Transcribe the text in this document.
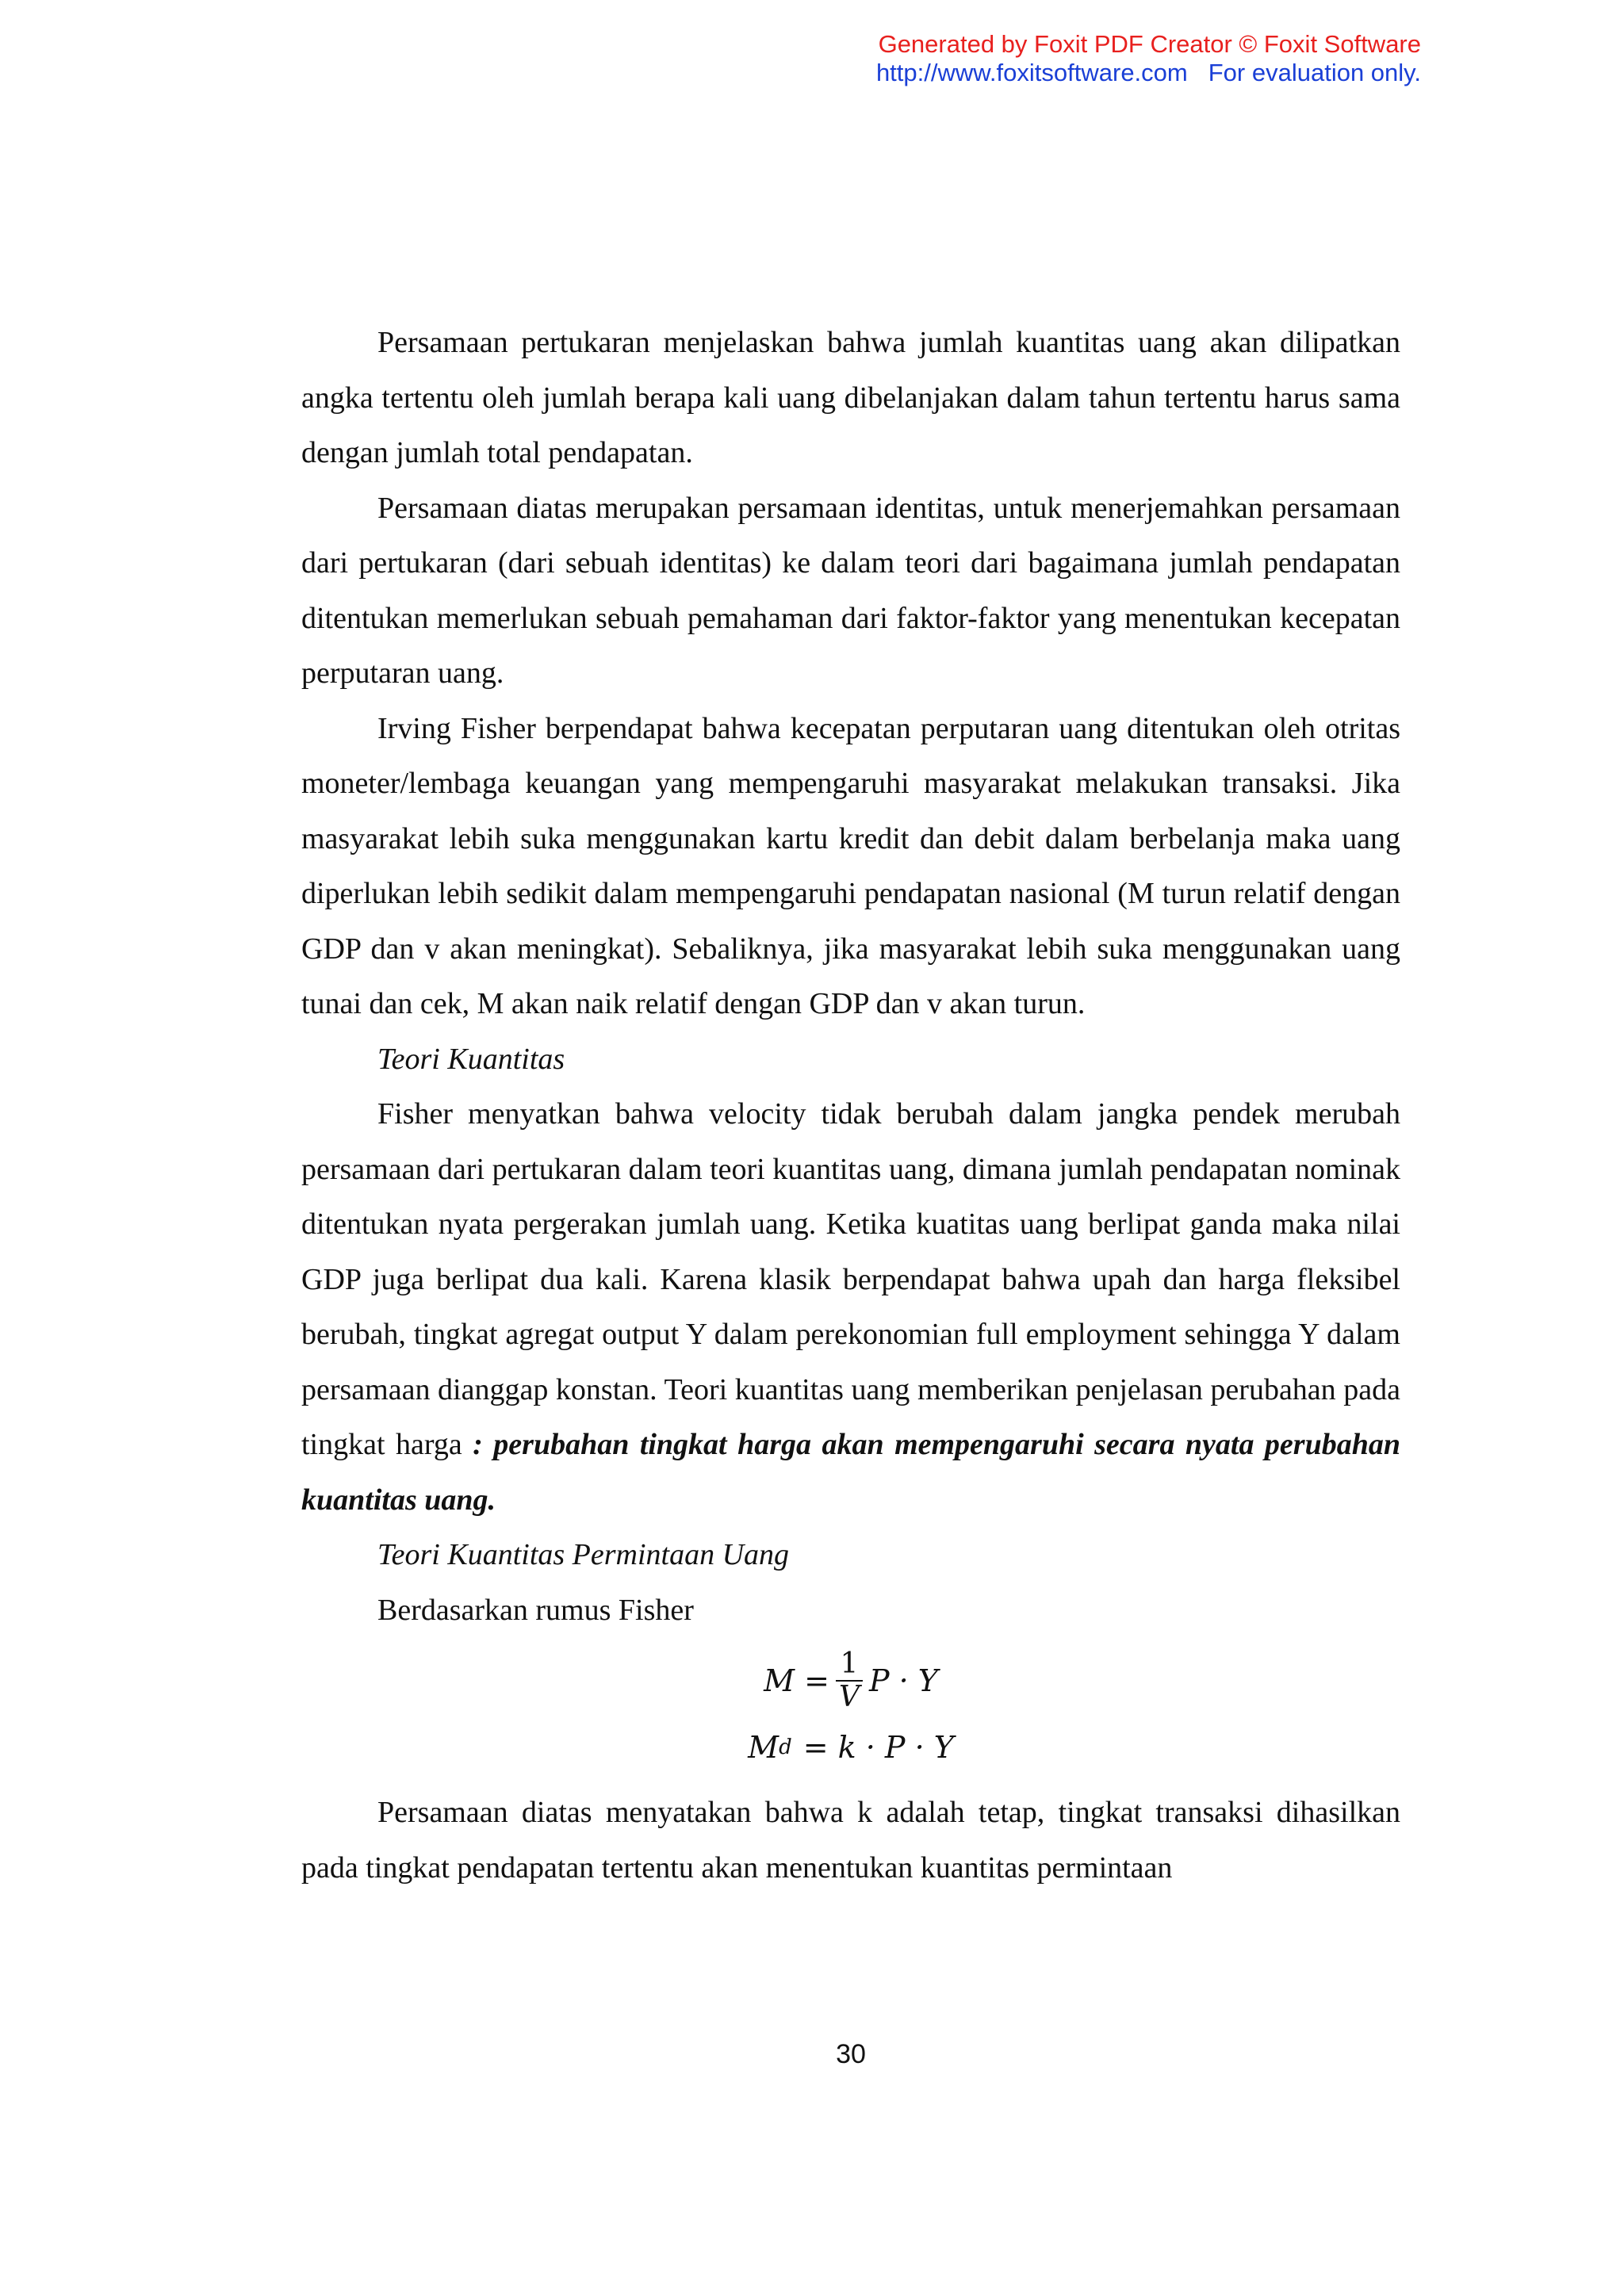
Generated by Foxit PDF Creator © Foxit Software
http://www.foxitsoftware.com For evaluation only.

Persamaan pertukaran menjelaskan bahwa jumlah kuantitas uang akan dilipatkan angka tertentu oleh jumlah berapa kali uang dibelanjakan dalam tahun tertentu harus sama dengan jumlah total pendapatan.

Persamaan diatas merupakan persamaan identitas, untuk menerjemahkan persamaan dari pertukaran (dari sebuah identitas) ke dalam teori dari bagaimana jumlah pendapatan ditentukan memerlukan sebuah pemahaman dari faktor-faktor yang menentukan kecepatan perputaran uang.

Irving Fisher berpendapat bahwa kecepatan perputaran uang ditentukan oleh otritas moneter/lembaga keuangan yang mempengaruhi masyarakat melakukan transaksi. Jika masyarakat lebih suka menggunakan kartu kredit dan debit dalam berbelanja maka uang diperlukan lebih sedikit dalam mempengaruhi pendapatan nasional (M turun relatif dengan GDP dan v akan meningkat). Sebaliknya, jika masyarakat lebih suka menggunakan uang tunai dan cek, M akan naik relatif dengan GDP dan v akan turun.

Teori Kuantitas

Fisher menyatkan bahwa velocity tidak berubah dalam jangka pendek merubah persamaan dari pertukaran dalam teori kuantitas uang, dimana jumlah pendapatan nominak ditentukan nyata pergerakan jumlah uang. Ketika kuatitas uang berlipat ganda maka nilai GDP juga berlipat dua kali. Karena klasik berpendapat bahwa upah dan harga fleksibel berubah, tingkat agregat output Y dalam perekonomian full employment sehingga Y dalam persamaan dianggap konstan. Teori kuantitas uang memberikan penjelasan perubahan pada tingkat harga : perubahan tingkat harga akan mempengaruhi secara nyata perubahan kuantitas uang.

Teori Kuantitas Permintaan Uang

Berdasarkan rumus Fisher

$M = \frac{1}{V}$ P · Y
M d = k · P · Y

Persamaan diatas menyatakan bahwa k adalah tetap, tingkat transaksi dihasilkan pada tingkat pendapatan tertentu akan menentukan kuantitas permintaan

30
